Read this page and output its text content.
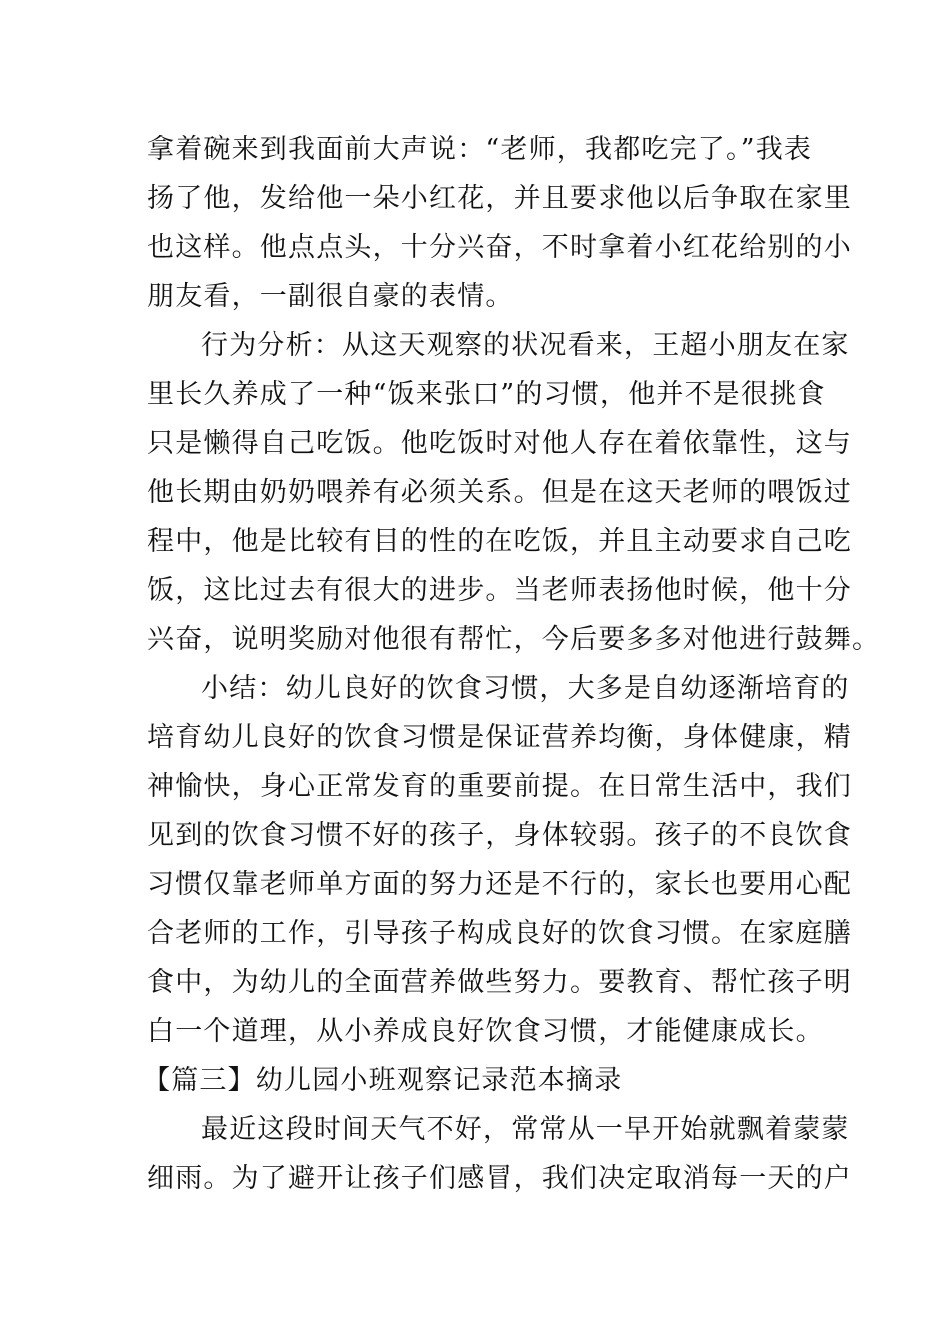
拿着碗来到我面前大声说：“老师，我都吃完了。”我表
扬了他，发给他一朵小红花，并且要求他以后争取在家里
也这样。他点点头，十分兴奋，不时拿着小红花给别的小
朋友看，一副很自豪的表情。
行为分析：从这天观察的状况看来，王超小朋友在家
里长久养成了一种“饭来张口”的习惯，他并不是很挑食
只是懒得自己吃饭。他吃饭时对他人存在着依靠性，这与
他长期由奶奶喂养有必须关系。但是在这天老师的喂饭过
程中，他是比较有目的性的在吃饭，并且主动要求自己吃
饭，这比过去有很大的进步。当老师表扬他时候，他十分
兴奋，说明奖励对他很有帮忙，今后要多多对他进行鼓舞。
小结：幼儿良好的饮食习惯，大多是自幼逐渐培育的
培育幼儿良好的饮食习惯是保证营养均衡，身体健康，精
神愉快，身心正常发育的重要前提。在日常生活中，我们
见到的饮食习惯不好的孩子，身体较弱。孩子的不良饮食
习惯仅靠老师单方面的努力还是不行的，家长也要用心配
合老师的工作，引导孩子构成良好的饮食习惯。在家庭膳
食中，为幼儿的全面营养做些努力。要教育、帮忙孩子明
白一个道理，从小养成良好饮食习惯，才能健康成长。
【篇三】幼儿园小班观察记录范本摘录
最近这段时间天气不好，常常从一早开始就飘着蒙蒙
细雨。为了避开让孩子们感冒，我们决定取消每一天的户
